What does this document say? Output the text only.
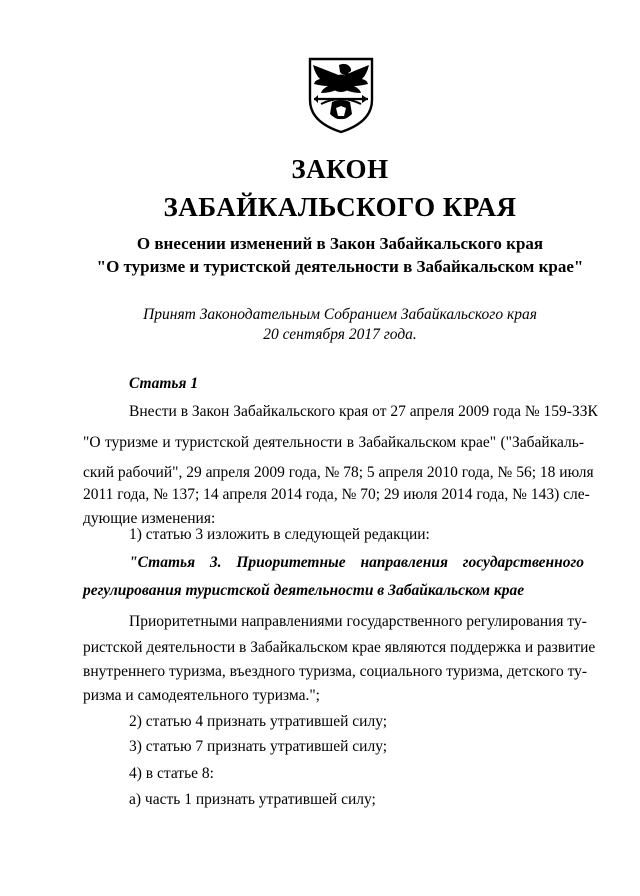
ЗАКОН
ЗАБАЙКАЛЬСКОГО КРАЯ
О внесении изменений в Закон Забайкальского края
"О туризме и туристской деятельности в Забайкальском крае"
Принят Законодательным Собранием Забайкальского края
20 сентября 2017 года.
Статья 1
Внести в Закон Забайкальского края от 27 апреля 2009 года № 159-ЗЗК
"О туризме и туристской деятельности в Забайкальском крае" ("Забайкаль-
ский рабочий", 29 апреля 2009 года, № 78; 5 апреля 2010 года, № 56; 18 июля
2011 года, № 137; 14 апреля 2014 года, № 70; 29 июля 2014 года, № 143) сле-
дующие изменения:
1) статью 3 изложить в следующей редакции:
"Статья 3. Приоритетные направления государственного
регулирования туристской деятельности в Забайкальском крае
Приоритетными направлениями государственного регулирования ту-
ристской деятельности в Забайкальском крае являются поддержка и развитие
внутреннего туризма, въездного туризма, социального туризма, детского ту-
ризма и самодеятельного туризма.";
2) статью 4 признать утратившей силу;
3) статью 7 признать утратившей силу;
4) в статье 8:
а) часть 1 признать утратившей силу;
